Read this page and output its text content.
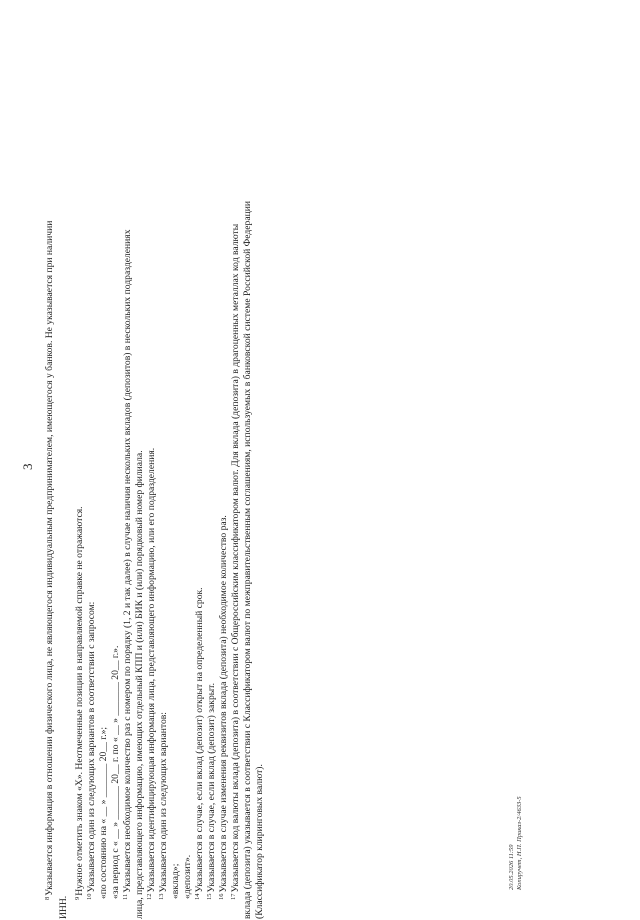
3
$^8$Указывается информация в отношении физического лица, не являющегося индивидуальным предпринимателем, имеющегося у банков. Не указывается при наличии
ИНН. $^9$Нужное отметить знаком «Х». Неотмеченные позиции в направляемой справке не отражаются.
$^{10}$Указывается один из следующих вариантов в соответствии с запросом: «по состоянию на « __ » _______ 20__ г.»; «за период с « __ » _______ 20__ г. по « __ » _______ 20__ г.». $^{11}$Указывается необходимое количество раз с номером по порядку (1, 2 и так далее) в случае наличия нескольких вкладов (депозитов) в нескольких подразделениях лица, представляющего информацию, имеющих отдельный КПП и (или) БИК и (или) порядковый номер филиала. $^{12}$Указывается идентифицирующая информация лица, представляющего информацию, или его подразделения.
$^{13}$Указывается один из следующих вариантов: «вклад»; «депозит». $^{14}$Указывается в случае, если вклад (депозит) открыт на определенный срок.
$^{15}$Указывается в случае, если вклад (депозит) закрыт.
$^{16}$Указывается в случае изменения реквизитов вклада (депозита) необходимое количество раз.
$^{17}$Указывается код валюты вклада (депозита) в соответствии с Общероссийским классификатором валют. Для вклада (депозита) в драгоценных металлах код валюты вклада (депозита) указывается в соответствии с Классификатором валют по межправительственным соглашениям, используемых в банковской системе Российской Федерации (Классификатор клиринговых валют).	20.05.2026 11:59 Копиручет, Н.П. Приказ-2/4633-5
